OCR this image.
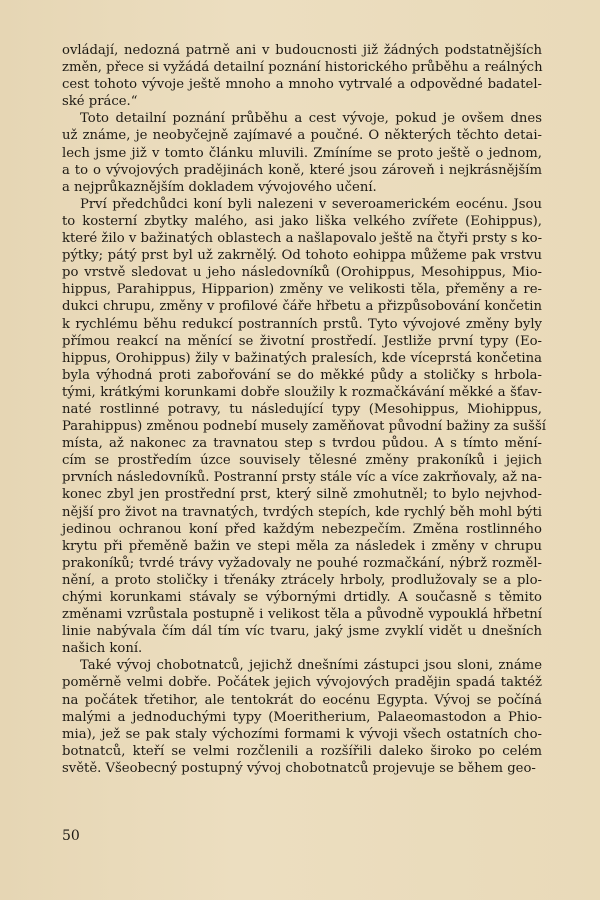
ovládají, nedozná patrně ani v budoucnosti již žádných podstatnějších
změn, přece si vyžádá detailní poznání historického průběhu a reálných
cest tohoto vývoje ještě mnoho a mnoho vytrvalé a odpovědné badatel-
ské práce.“

Toto detailní poznání průběhu a cest vývoje, pokud je ovšem dnes
už známe, je neobyčejně zajímavé a poučné. O některých těchto detai-
lech jsme již v tomto článku mluvili. Zmíníme se proto ještě o jednom,
a to o vývojových pradějinách koně, které jsou zároveň i nejkrásnějším
a nejprůkaznějším dokladem vývojového učení.

Prví předchůdci koní byli nalezeni v severoamerickém eocénu. Jsou
to kosterní zbytky malého, asi jako liška velkého zvířete (Eohippus),
které žilo v bažinatých oblastech a našlapovalo ještě na čtyři prsty s ko-
pýtky; pátý prst byl už zakrnělý. Od tohoto eohippa můžeme pak vrstvu
po vrstvě sledovat u jeho následovníků (Orohippus, Mesohippus, Mio-
hippus, Parahippus, Hipparion) změny ve velikosti těla, přeměny a re-
dukci chrupu, změny v profilové čáře hřbetu a přizpůsobování končetin
k rychlému běhu redukcí postranních prstů. Tyto vývojové změny byly
přímou reakcí na měnící se životní prostředí. Jestliže první typy (Eo-
hippus, Orohippus) žily v bažinatých pralesích, kde víceprstá končetina
byla výhodná proti zabořování se do měkké půdy a stoličky s hrbola-
tými, krátkými korunkami dobře sloužily k rozmačkávání měkké a šťav-
naté rostlinné potravy, tu následující typy (Mesohippus, Miohippus,
Parahippus) změnou podnebí musely zaměňovat původní bažiny za sušší
místa, až nakonec za travnatou step s tvrdou půdou. A s tímto mění-
cím se prostředím úzce souvisely tělesné změny prakoníků i jejich
prvních následovníků. Postranní prsty stále víc a více zakrňovaly, až na-
konec zbyl jen prostřední prst, který silně zmohutněl; to bylo nejvhod-
nější pro život na travnatých, tvrdých stepích, kde rychlý běh mohl býti
jedinou ochranou koní před každým nebezpečím. Změna rostlinného
krytu při přeměně bažin ve stepi měla za následek i změny v chrupu
prakoníků; tvrdé trávy vyžadovaly ne pouhé rozmačkání, nýbrž rozměl-
nění, a proto stoličky i třenáky ztrácely hrboly, prodlužovaly se a plo-
chými korunkami stávaly se výbornými drtidly. A současně s těmito
změnami vzrůstala postupně i velikost těla a původně vypouklá hřbetní
linie nabývala čím dál tím víc tvaru, jaký jsme zvyklí vidět u dnešních
našich koní.

Také vývoj chobotnatců, jejichž dnešními zástupci jsou sloni, známe
poměrně velmi dobře. Počátek jejich vývojových pradějin spadá taktéž
na počátek třetihor, ale tentokrát do eocénu Egypta. Vývoj se počíná
malými a jednoduchými typy (Moeritherium, Palaeomastodon a Phio-
mia), jež se pak staly výchozími formami k vývoji všech ostatních cho-
botnatců, kteří se velmi rozčlenili a rozšířili daleko široko po celém
světě. Všeobecný postupný vývoj chobotnatců projevuje se během geo-

50
